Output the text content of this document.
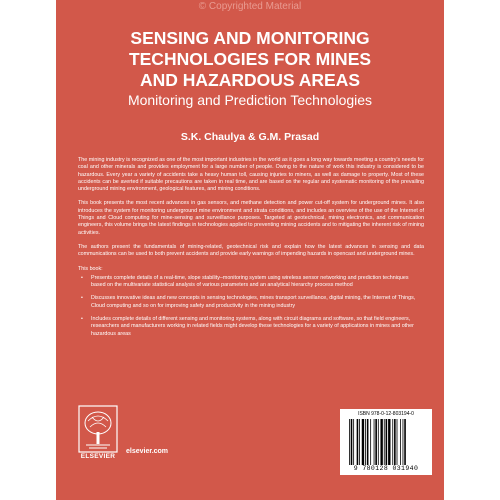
© Copyrighted Material
SENSING AND MONITORING
TECHNOLOGIES FOR MINES
AND HAZARDOUS AREAS
Monitoring and Prediction Technologies
S.K. Chaulya & G.M. Prasad

The mining industry is recognized as one of the most important industries in the world as it goes a long way towards meeting a country's needs for coal and other minerals and provides employment for a large number of people. Owing to the nature of work this industry is considered to be hazardous. Every year a variety of accidents take a heavy human toll, causing injuries to miners, as well as damage to property. Most of these accidents can be averted if suitable precautions are taken in real time, and are based on the regular and systematic monitoring of the prevailing underground mining environment, geological features, and mining conditions.

This book presents the most recent advances in gas sensors, and methane detection and power cut-off system for underground mines. It also introduces the system for monitoring underground mine environment and strata conditions, and includes an overview of the use of the Internet of Things and Cloud computing for mine-sensing and surveillance purposes. Targeted at geotechnical, mining electronics, and communication engineers, this volume brings the latest findings in technologies applied to preventing mining accidents and to mitigating the inherent risk of mining activities.

The authors present the fundamentals of mining-related, geotechnical risk and explain how the latest advances in sensing and data communications can be used to both prevent accidents and provide early warnings of impending hazards in opencast and underground mines.

This book:

• Presents complete details of a real-time, slope stability–monitoring system using wireless sensor networking and prediction techniques based on the multivariate statistical analysis of various parameters and an analytical hierarchy process method
• Discusses innovative ideas and new concepts in sensing technologies, mines transport surveillance, digital mining, the Internet of Things, Cloud computing and so on for improving safety and productivity in the mining industry
• Includes complete details of different sensing and monitoring systems, along with circuit diagrams and software, so that field engineers, researchers and manufacturers working in related fields might develop these technologies for a variety of applications in mines and other hazardous areas
ELSEVIER
elsevier.com
ISBN 978-0-12-803194-0
9 780128 031940
